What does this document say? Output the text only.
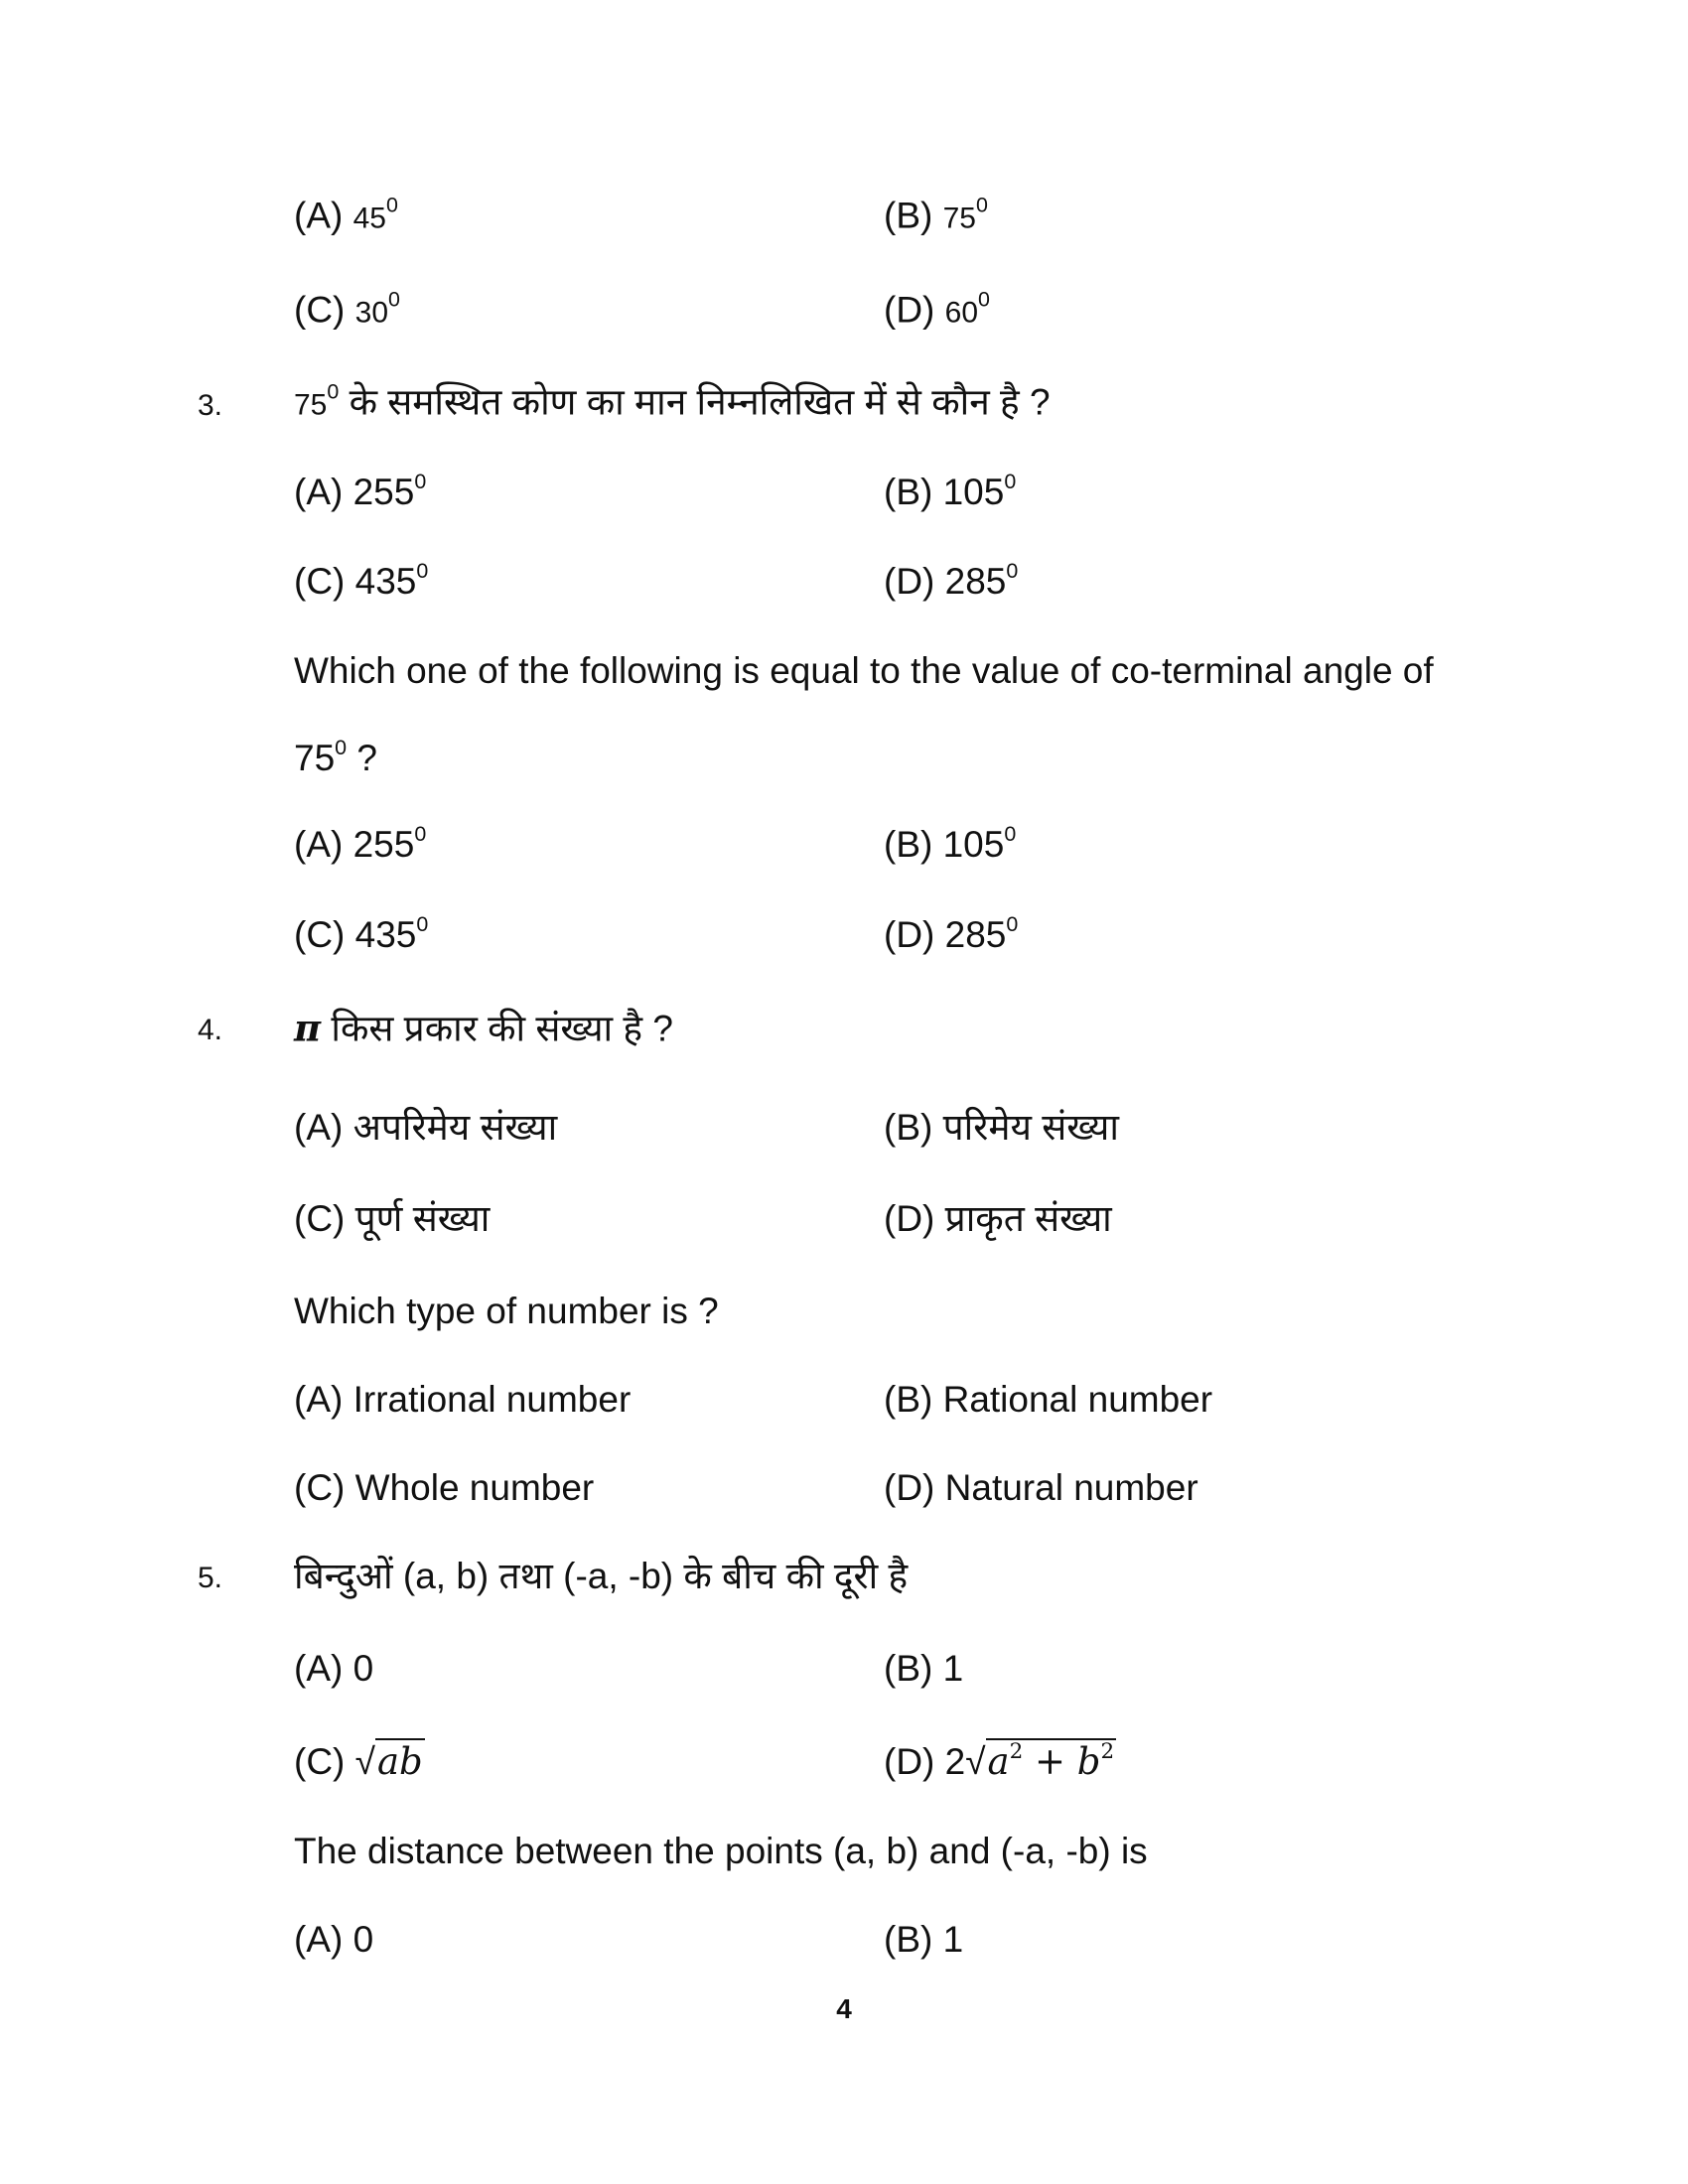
(A) $45^0$	(B) $75^0$
(C) $30^0$	(D) $60^0$
3. $75^0$ के समस्थित कोण का मान निम्नलिखित में से कौन है ?
(A) $255^0$	(B) $105^0$
(C) $435^0$	(D) $285^0$
Which one of the following is equal to the value of co-terminal angle of
$75^0$ ?
(A) $255^0$	(B) $105^0$
(C) $435^0$	(D) $285^0$
4. π किस प्रकार की संख्या है ?
(A) अपरिमेय संख्या	(B) परिमेय संख्या
(C) पूर्ण संख्या	(D) प्राकृत संख्या
Which type of number is ?
(A) Irrational number	(B) Rational number
(C) Whole number	(D) Natural number
5. बिन्दुओं (a, b) तथा (-a, -b) के बीच की दूरी है
(A) 0	(B) 1
(C) √ab	(D) $2√a^2 + b^2$
The distance between the points (a, b) and (-a, -b) is
(A) 0	(B) 1
4
